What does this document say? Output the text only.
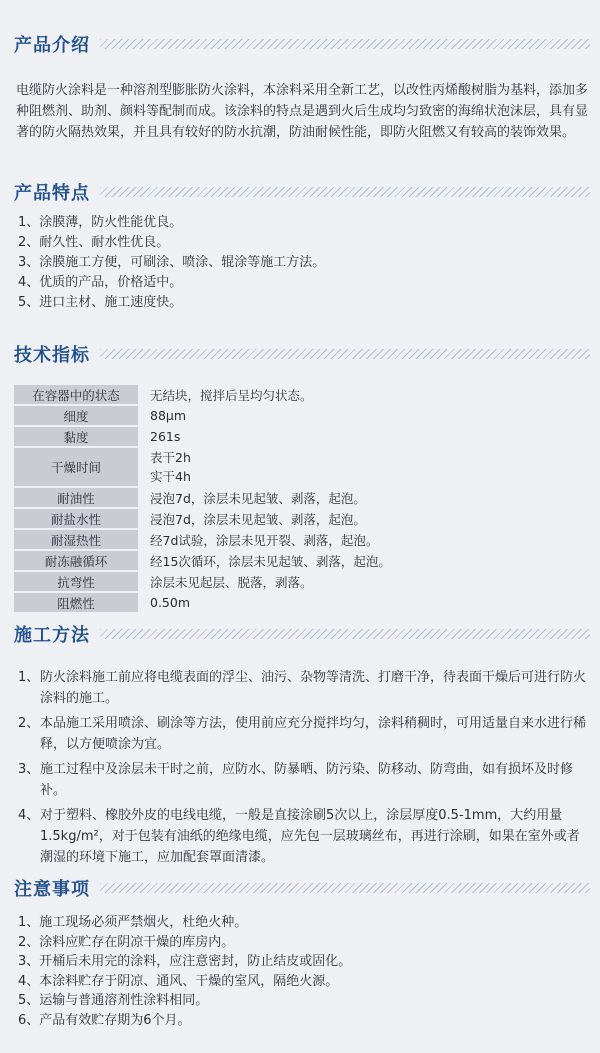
产品介绍

电缆防火涂料是一种溶剂型膨胀防火涂料，本涂料采用全新工艺，以改性丙烯酸树脂为基料，添加多种阻燃剂、助剂、颜料等配制而成。该涂料的特点是遇到火后生成均匀致密的海绵状泡沫层，具有显著的防火隔热效果，并且具有较好的防水抗潮，防油耐候性能，即防火阻燃又有较高的装饰效果。

产品特点
1、涂膜薄，防火性能优良。
2、耐久性、耐水性优良。
3、涂膜施工方便，可刷涂、喷涂、辊涂等施工方法。
4、优质的产品，价格适中。
5、进口主材、施工速度快。
技术指标
在容器中的状态	无结块，搅拌后呈均匀状态。
细度	88μm
黏度	261s
干燥时间	表干2h
实干4h

耐油性	浸泡7d，涂层未见起皱、剥落，起泡。
耐盐水性	浸泡7d，涂层未见起皱、剥落，起泡。
耐湿热性	经7d试验，涂层未见开裂、剥落，起泡。
耐冻融循环	经15次循环，涂层未见起皱、剥落，起泡。
抗弯性	涂层未见起层、脱落，剥落。
阻燃性	0.50m
施工方法
1、 防火涂料施工前应将电缆表面的浮尘、油污、杂物等清洗、打磨干净，待表面干燥后可进行防火涂料的施工。
2、 本品施工采用喷涂、刷涂等方法，使用前应充分搅拌均匀，涂料稍稠时，可用适量自来水进行稀释，以方便喷涂为宜。
3、 施工过程中及涂层未干时之前，应防水、防暴晒、防污染、防移动、防弯曲，如有损坏及时修补。
4、 对于塑料、橡胶外皮的电线电缆，一般是直接涂刷5次以上，涂层厚度0.5-1mm，大约用量1.5kg/m²，对于包装有油纸的绝缘电缆，应先包一层玻璃丝布，再进行涂刷，如果在室外或者潮湿的环境下施工，应加配套罩面清漆。
注意事项
1、施工现场必须严禁烟火，杜绝火种。
2、涂料应贮存在阴凉干燥的库房内。
3、开桶后未用完的涂料，应注意密封，防止结皮或固化。
4、本涂料贮存于阴凉、通风、干燥的室风，隔绝火源。
5、运输与普通溶剂性涂料相同。
6、产品有效贮存期为6个月。
